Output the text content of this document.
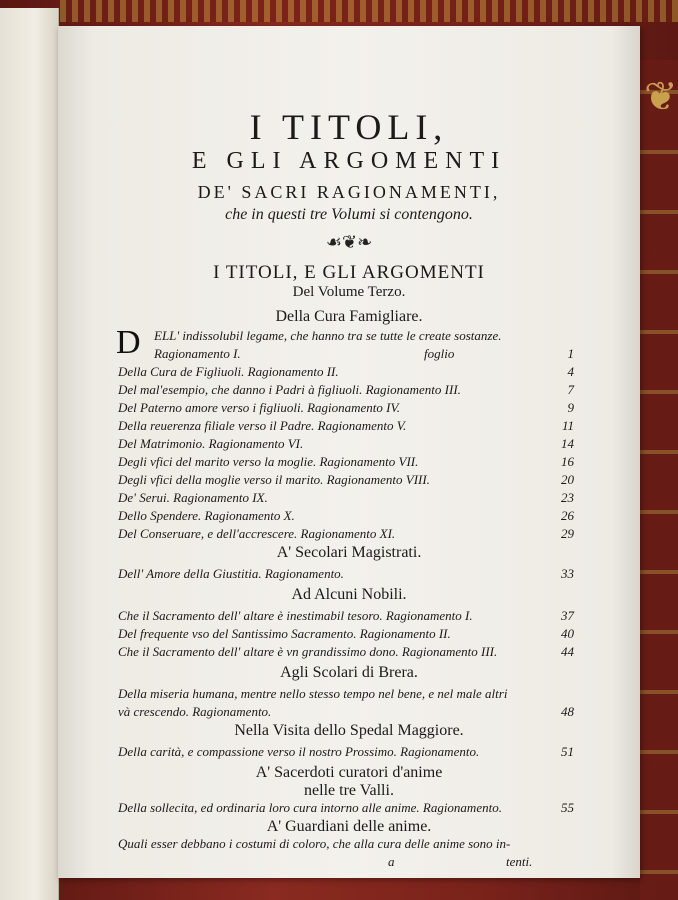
❦
I TITOLI,
E GLI ARGOMENTI
DE' SACRI RAGIONAMENTI,
che in questi tre Volumi si contengono.
☙❦❧
I TITOLI, E GLI ARGOMENTI
Del Volume Terzo.
Della Cura Famigliare.
D ELL' indissolubil legame, che hanno tra se tutte le create sostanze.
Ragionamento I.	foglio	1
Della Cura de Figliuoli. Ragionamento II.	4
Del mal'esempio, che danno i Padri à figliuoli. Ragionamento III.	7
Del Paterno amore verso i figliuoli. Ragionamento IV.	9
Della reuerenza filiale verso il Padre. Ragionamento V.	11
Del Matrimonio. Ragionamento VI.	14
Degli vfici del marito verso la moglie. Ragionamento VII.	16
Degli vfici della moglie verso il marito. Ragionamento VIII.	20
De' Serui. Ragionamento IX.	23
Dello Spendere. Ragionamento X.	26
Del Conseruare, e dell'accrescere. Ragionamento XI.	29
A' Secolari Magistrati.
Dell' Amore della Giustitia. Ragionamento.	33
Ad Alcuni Nobili.
Che il Sacramento dell' altare è inestimabil tesoro. Ragionamento I.	37
Del frequente vso del Santissimo Sacramento. Ragionamento II.	40
Che il Sacramento dell' altare è vn grandissimo dono. Ragionamento III.	44
Agli Scolari di Brera.
Della miseria humana, mentre nello stesso tempo nel bene, e nel male altri
và crescendo. Ragionamento.	48
Nella Visita dello Spedal Maggiore.
Della carità, e compassione verso il nostro Prossimo. Ragionamento.	51
A' Sacerdoti curatori d'anime
nelle tre Valli.
Della sollecita, ed ordinaria loro cura intorno alle anime. Ragionamento.	55
A' Guardiani delle anime.
Quali esser debbano i costumi di coloro, che alla cura delle anime sono in-
a	tenti.
